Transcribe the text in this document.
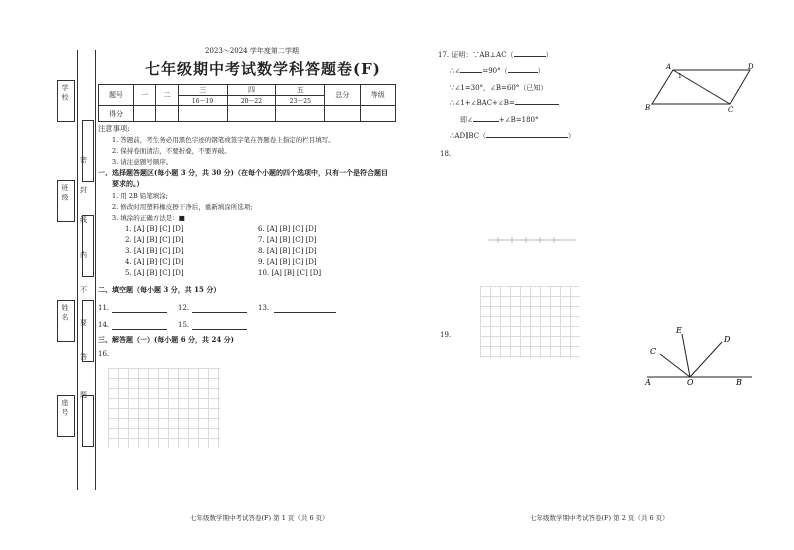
学 校
班 级
姓 名
座 号
密
封
线
内
不
要
答
题
2023～2024 学年度第二学期
七年级期中考试数学科答题卷(F)
题号	一	二	三	四	五	总分	等级
			16～19	20～22	23～25		
得分							
注意事项:
1. 答题前，考生务必用黑色字迹的钢笔或签字笔在答题卷上指定的栏目填写。
2. 保持卷面清洁，不要折叠，不要弄破。
3. 请注意题号顺序。
一、选择题答题区(每小题 3 分，共 30 分)（在每个小题的四个选项中，只有一个是符合题目
要求的。）
1. 用 2B 铅笔填涂;
2. 修改时用塑料橡皮擦干净后，重新填涂所选项;
3. 填涂的正确方法是：■
1. [A] [B] [C] [D]
2. [A] [B] [C] [D]
3. [A] [B] [C] [D]
4. [A] [B] [C] [D]
5. [A] [B] [C] [D]
6. [A] [B] [C] [D]
7. [A] [B] [C] [D]
8. [A] [B] [C] [D]
9. [A] [B] [C] [D]
10. [A] [B] [C] [D]
二、填空题（每小题 3 分，共 15 分）
11.	12.	13.
14.	15.
三、解答题（一）(每小题 6 分，共 24 分)
16.
17. 证明：∵AB⊥AC（	）
∴∠	=90°（	）
∵∠1=30°，∠B=60°（已知）
∴∠1+∠BAC+∠B=
即∠	+∠B=180°
∴AD∥BC（	）
A	D
1
B	C
18.
19.	E
D
C
A	O	B
七年级数学期中考试答卷(F) 第 1 页（共 6 页）	七年级数学期中考试答卷(F) 第 2 页（共 6 页）
